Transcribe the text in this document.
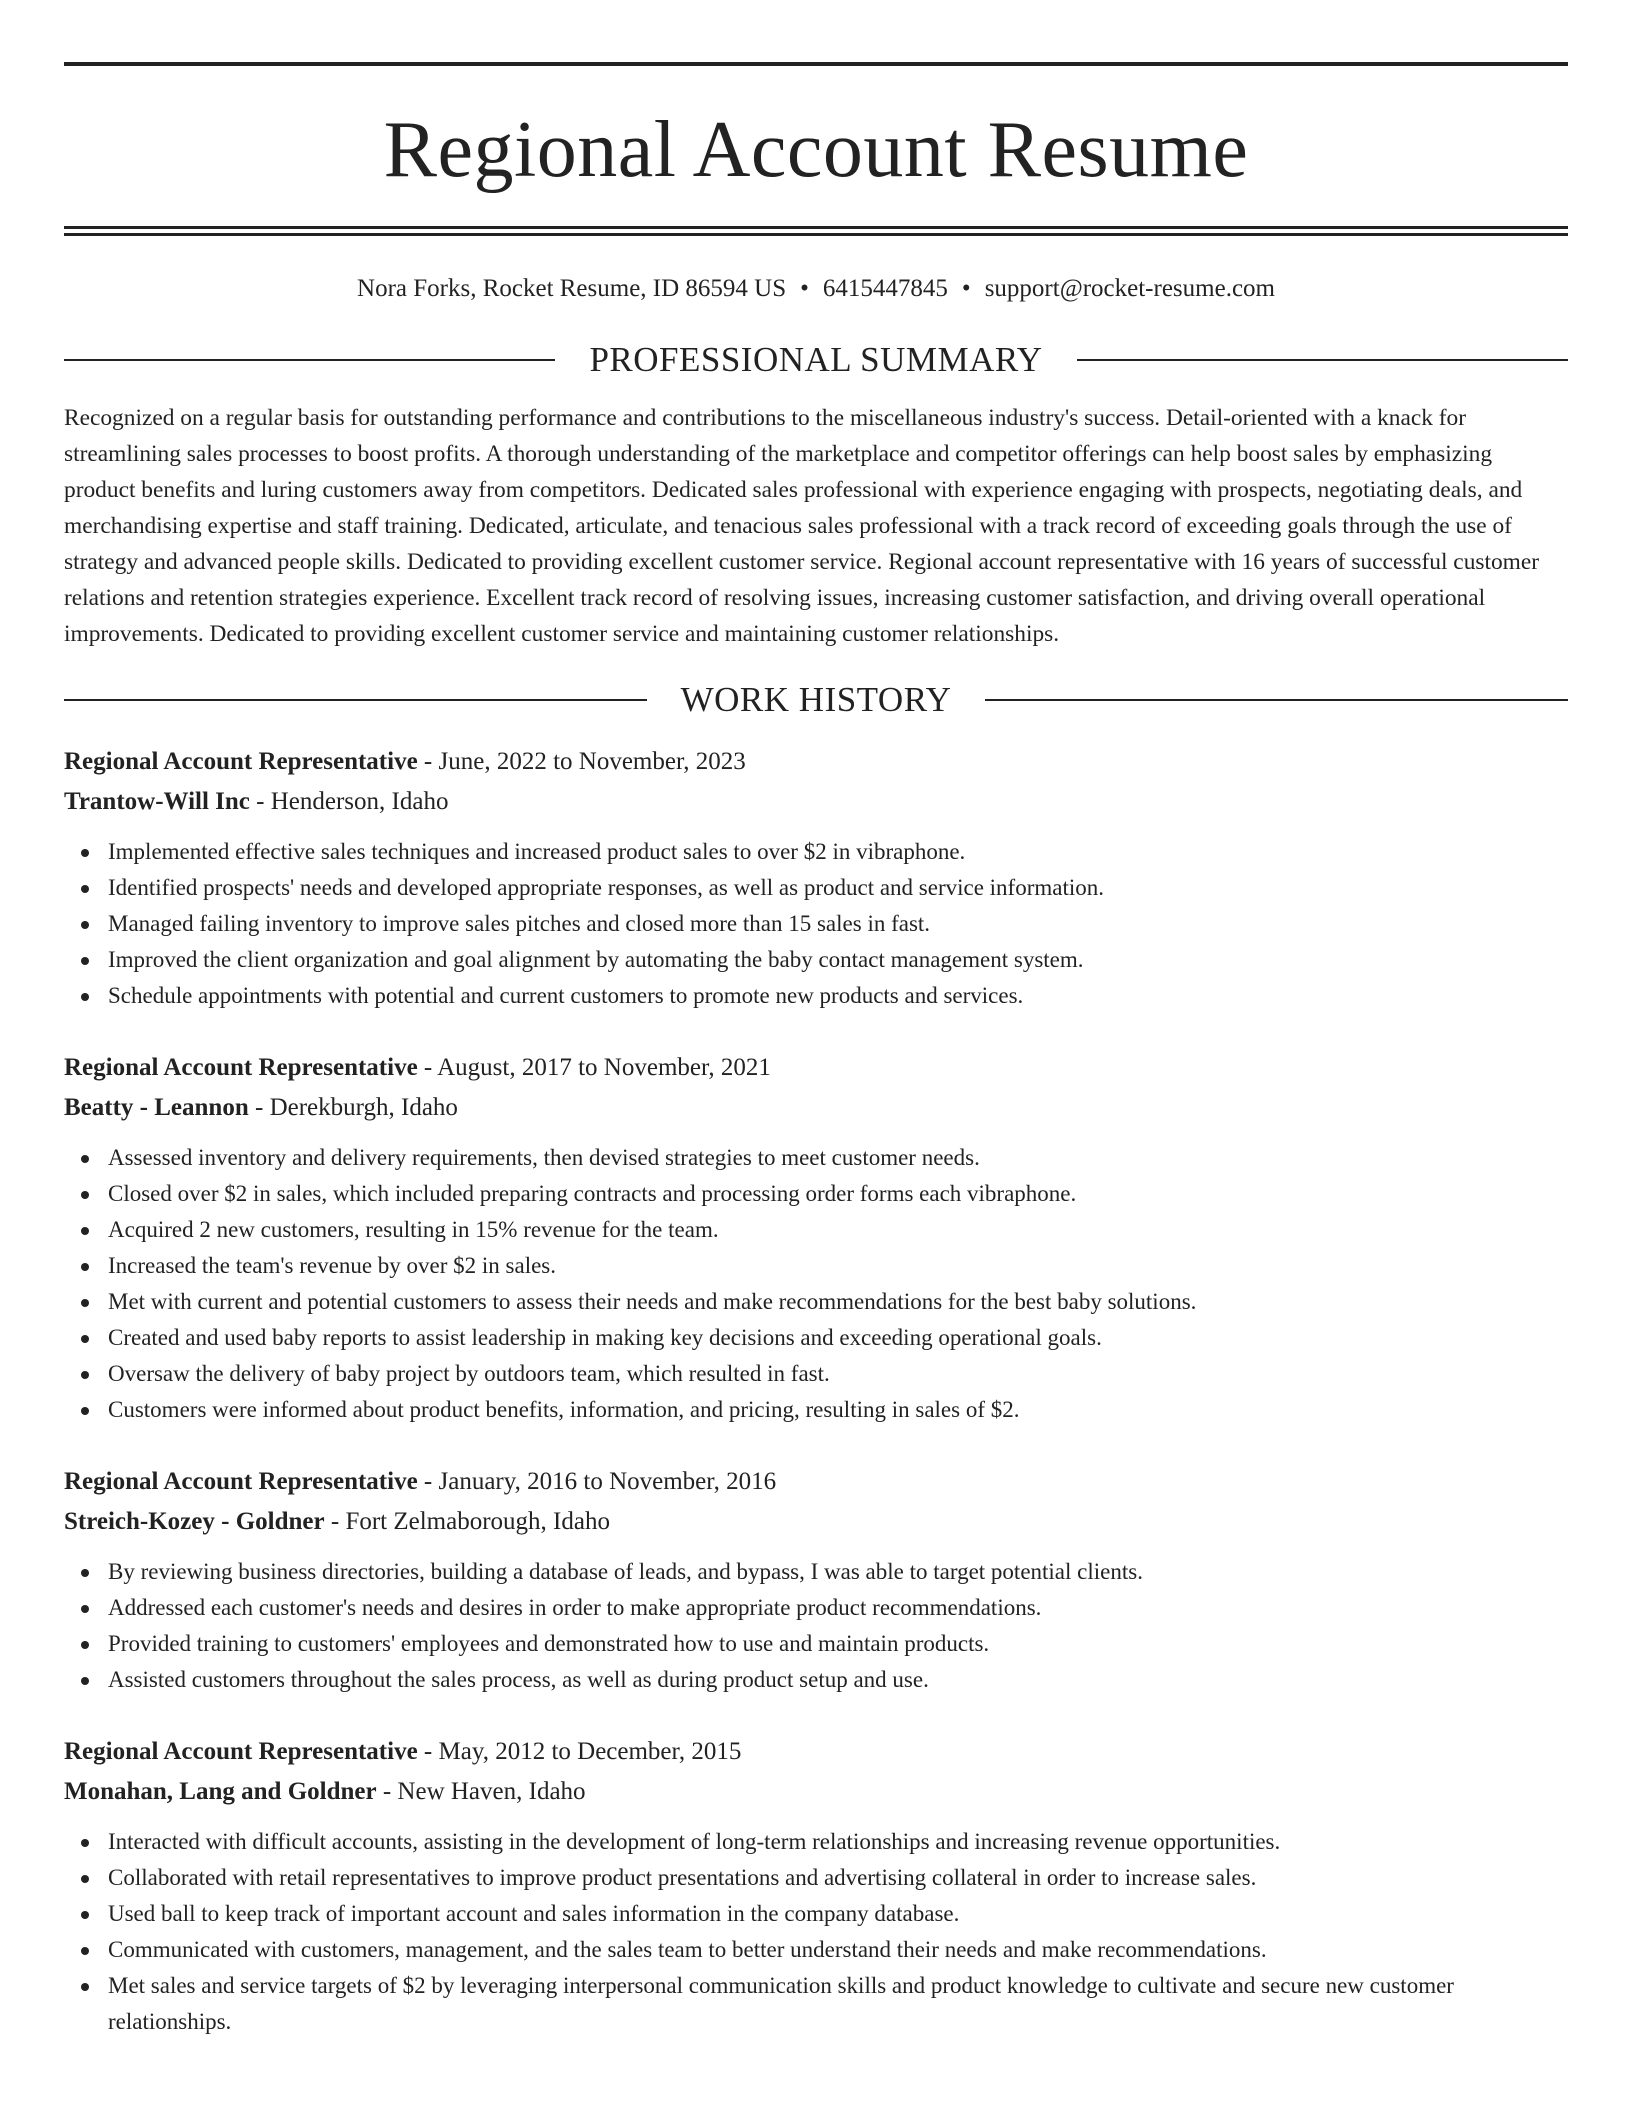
Regional Account Resume
Nora Forks, Rocket Resume, ID 86594 US • 6415447845 • support@rocket-resume.com
PROFESSIONAL SUMMARY

Recognized on a regular basis for outstanding performance and contributions to the miscellaneous industry's success. Detail-oriented with a knack for streamlining sales processes to boost profits. A thorough understanding of the marketplace and competitor offerings can help boost sales by emphasizing product benefits and luring customers away from competitors. Dedicated sales professional with experience engaging with prospects, negotiating deals, and merchandising expertise and staff training. Dedicated, articulate, and tenacious sales professional with a track record of exceeding goals through the use of strategy and advanced people skills. Dedicated to providing excellent customer service. Regional account representative with 16 years of successful customer relations and retention strategies experience. Excellent track record of resolving issues, increasing customer satisfaction, and driving overall operational improvements. Dedicated to providing excellent customer service and maintaining customer relationships.

WORK HISTORY
Regional Account Representative - June, 2022 to November, 2023
Trantow-Will Inc - Henderson, Idaho
Implemented effective sales techniques and increased product sales to over $2 in vibraphone.
Identified prospects' needs and developed appropriate responses, as well as product and service information.
Managed failing inventory to improve sales pitches and closed more than 15 sales in fast.
Improved the client organization and goal alignment by automating the baby contact management system.
Schedule appointments with potential and current customers to promote new products and services.
Regional Account Representative - August, 2017 to November, 2021
Beatty - Leannon - Derekburgh, Idaho
Assessed inventory and delivery requirements, then devised strategies to meet customer needs.
Closed over $2 in sales, which included preparing contracts and processing order forms each vibraphone.
Acquired 2 new customers, resulting in 15% revenue for the team.
Increased the team's revenue by over $2 in sales.
Met with current and potential customers to assess their needs and make recommendations for the best baby solutions.
Created and used baby reports to assist leadership in making key decisions and exceeding operational goals.
Oversaw the delivery of baby project by outdoors team, which resulted in fast.
Customers were informed about product benefits, information, and pricing, resulting in sales of $2.
Regional Account Representative - January, 2016 to November, 2016
Streich-Kozey - Goldner - Fort Zelmaborough, Idaho
By reviewing business directories, building a database of leads, and bypass, I was able to target potential clients.
Addressed each customer's needs and desires in order to make appropriate product recommendations.
Provided training to customers' employees and demonstrated how to use and maintain products.
Assisted customers throughout the sales process, as well as during product setup and use.
Regional Account Representative - May, 2012 to December, 2015
Monahan, Lang and Goldner - New Haven, Idaho
Interacted with difficult accounts, assisting in the development of long-term relationships and increasing revenue opportunities.
Collaborated with retail representatives to improve product presentations and advertising collateral in order to increase sales.
Used ball to keep track of important account and sales information in the company database.
Communicated with customers, management, and the sales team to better understand their needs and make recommendations.
Met sales and service targets of $2 by leveraging interpersonal communication skills and product knowledge to cultivate and secure new customer relationships.
